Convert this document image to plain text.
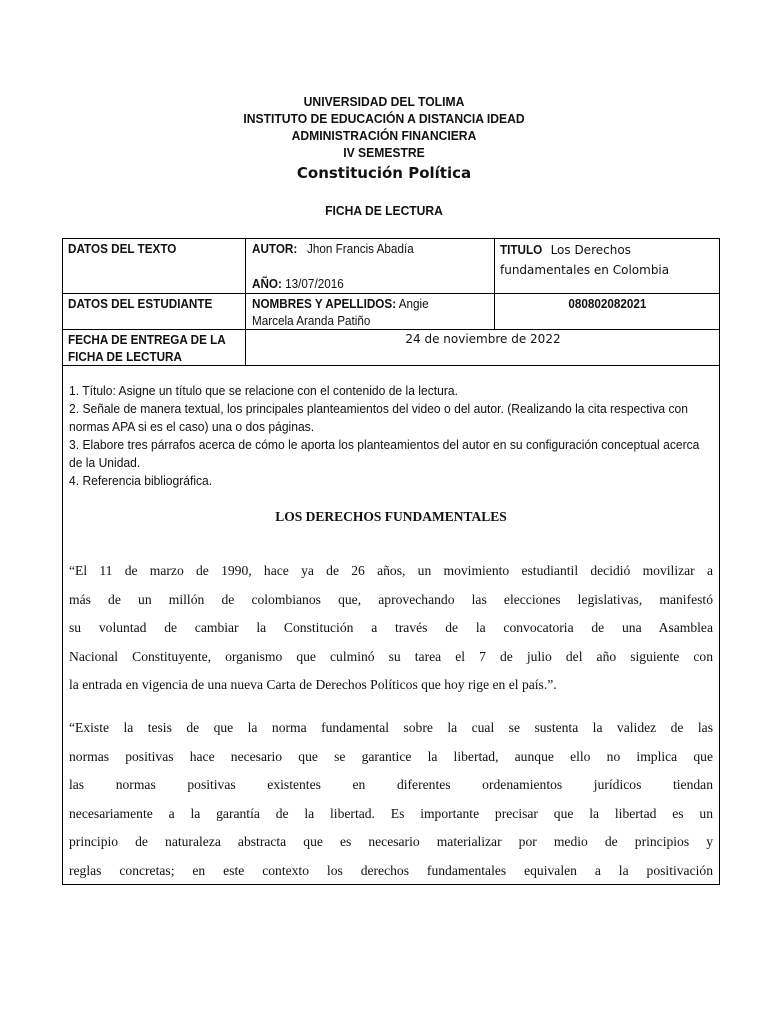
UNIVERSIDAD DEL TOLIMA
INSTITUTO DE EDUCACIÓN A DISTANCIA IDEAD
ADMINISTRACIÓN FINANCIERA
IV SEMESTRE
Constitución Política
FICHA DE LECTURA
DATOS DEL TEXTO	AUTOR: Jhon Francis Abadía
AÑO: 13/07/2016
TITULO Los Derechos
fundamentales en Colombia
DATOS DEL ESTUDIANTE	NOMBRES Y APELLIDOS: Angie
Marcela Aranda Patiño
080802082021
FECHA DE ENTREGA DE LA
FICHA DE LECTURA
24 de noviembre de 2022
1. Título: Asigne un título que se relacione con el contenido de la lectura.
2. Señale de manera textual, los principales planteamientos del video o del autor. (Realizando la cita respectiva con
normas APA si es el caso) una o dos páginas.
3. Elabore tres párrafos acerca de cómo le aporta los planteamientos del autor en su configuración conceptual acerca
de la Unidad.
4. Referencia bibliográfica.
LOS DERECHOS FUNDAMENTALES
“El 11 de marzo de 1990, hace ya de 26 años, un movimiento estudiantil decidió movilizar a
más de un millón de colombianos que, aprovechando las elecciones legislativas, manifestó
su voluntad de cambiar la Constitución a través de la convocatoria de una Asamblea
Nacional Constituyente, organismo que culminó su tarea el 7 de julio del año siguiente con
la entrada en vigencia de una nueva Carta de Derechos Políticos que hoy rige en el país.”.
“Existe la tesis de que la norma fundamental sobre la cual se sustenta la validez de las
normas positivas hace necesario que se garantice la libertad, aunque ello no implica que
las normas positivas existentes en diferentes ordenamientos jurídicos tiendan
necesariamente a la garantía de la libertad. Es importante precisar que la libertad es un
principio de naturaleza abstracta que es necesario materializar por medio de principios y
reglas concretas; en este contexto los derechos fundamentales equivalen a la positivación
